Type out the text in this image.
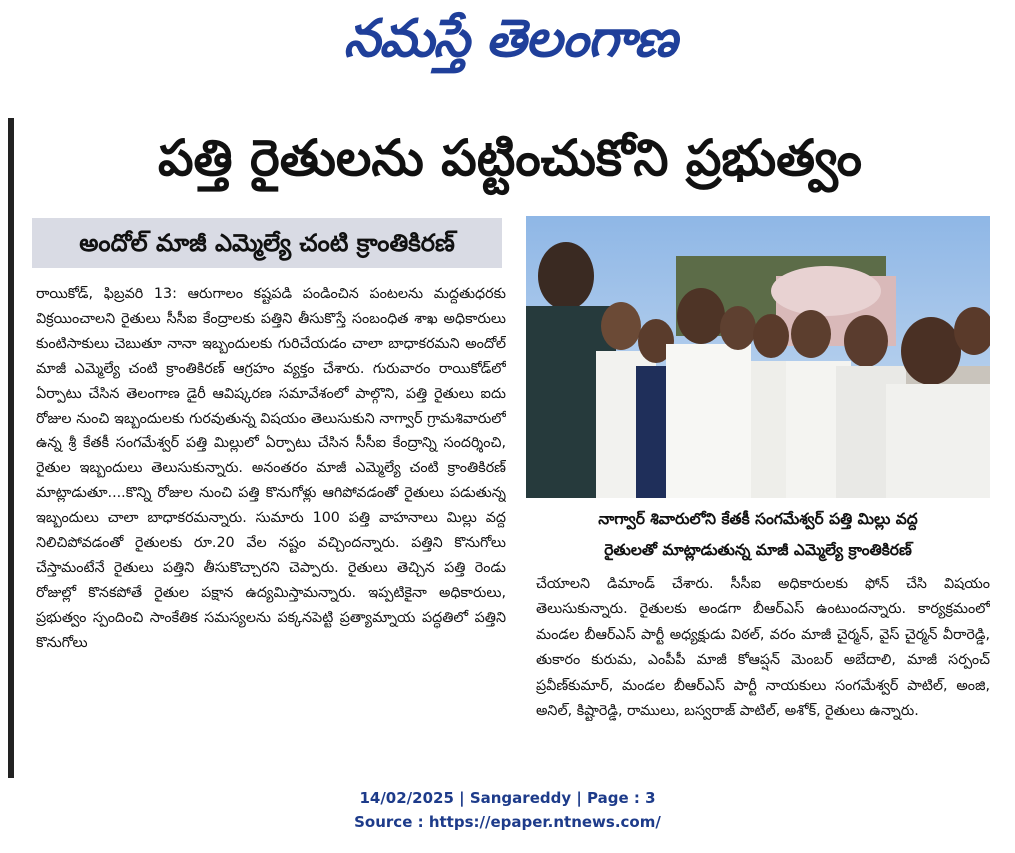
నమస్తే తెలంగాణ
పత్తి రైతులను పట్టించుకోని ప్రభుత్వం
అందోల్ మాజీ ఎమ్మెల్యే చంటి క్రాంతికిరణ్
రాయికోడ్, ఫిబ్రవరి 13: ఆరుగాలం కష్టపడి పండించిన పంటలను మద్దతుధరకు విక్రయించాలని రైతులు సీసీఐ కేంద్రాలకు పత్తిని తీసుకొస్తే సంబంధిత శాఖ అధికారులు కుంటిసాకులు చెబుతూ నానా ఇబ్బందులకు గురిచేయడం చాలా బాధాకరమని అందోల్ మాజీ ఎమ్మెల్యే చంటి క్రాంతికిరణ్ ఆగ్రహం వ్యక్తం చేశారు. గురువారం రాయికోడ్‌లో ఏర్పాటు చేసిన తెలంగాణ డైరీ ఆవిష్కరణ సమావేశంలో పాల్గొని, పత్తి రైతులు ఐదు రోజుల నుంచి ఇబ్బందులకు గురవుతున్న విషయం తెలుసుకుని నాగ్వార్ గ్రామశివారులో ఉన్న శ్రీ కేతకీ సంగమేశ్వర్ పత్తి మిల్లులో ఏర్పాటు చేసిన సీసీఐ కేంద్రాన్ని సందర్శించి, రైతుల ఇబ్బందులు తెలుసుకున్నారు. అనంతరం మాజీ ఎమ్మెల్యే చంటి క్రాంతికిరణ్ మాట్లాడుతూ....కొన్ని రోజుల నుంచి పత్తి కొనుగోళ్లు ఆగిపోవడంతో రైతులు పడుతున్న ఇబ్బందులు చాలా బాధాకరమన్నారు. సుమారు 100 పత్తి వాహనాలు మిల్లు వద్ద నిలిచిపోవడంతో రైతులకు రూ.20 వేల నష్టం వచ్చిందన్నారు. పత్తిని కొనుగోలు చేస్తామంటేనే రైతులు పత్తిని తీసుకొచ్చారని చెప్పారు. రైతులు తెచ్చిన పత్తి రెండు రోజుల్లో కొనకపోతే రైతుల పక్షాన ఉద్యమిస్తామన్నారు. ఇప్పటికైనా అధికారులు, ప్రభుత్వం స్పందించి సాంకేతిక సమస్యలను పక్కనపెట్టి ప్రత్యామ్నాయ పద్ధతిలో పత్తిని కొనుగోలు
నాగ్వార్ శివారులోని కేతకీ సంగమేశ్వర్ పత్తి మిల్లు వద్ద
రైతులతో మాట్లాడుతున్న మాజీ ఎమ్మెల్యే క్రాంతికిరణ్
చేయాలని డిమాండ్ చేశారు. సీసీఐ అధికారులకు ఫోన్ చేసి విషయం తెలుసుకున్నారు. రైతులకు అండగా బీఆర్‌ఎస్ ఉంటుందన్నారు. కార్యక్రమంలో మండల బీఆర్‌ఎస్ పార్టీ అధ్యక్షుడు విఠల్, వరం మాజీ చైర్మన్, వైస్ చైర్మన్ వీరారెడ్డి, తుకారం కురుమ, ఎంపీపీ మాజీ కోఆప్షన్ మెంబర్ అబేదాలి, మాజీ సర్పంచ్ ప్రవీణ్‌కుమార్, మండల బీఆర్‌ఎస్ పార్టీ నాయకులు సంగమేశ్వర్ పాటిల్, అంజి, అనిల్, కిష్టారెడ్డి, రాములు, బస్వరాజ్ పాటిల్, అశోక్, రైతులు ఉన్నారు.
14/02/2025 | Sangareddy | Page : 3
Source : https://epaper.ntnews.com/
